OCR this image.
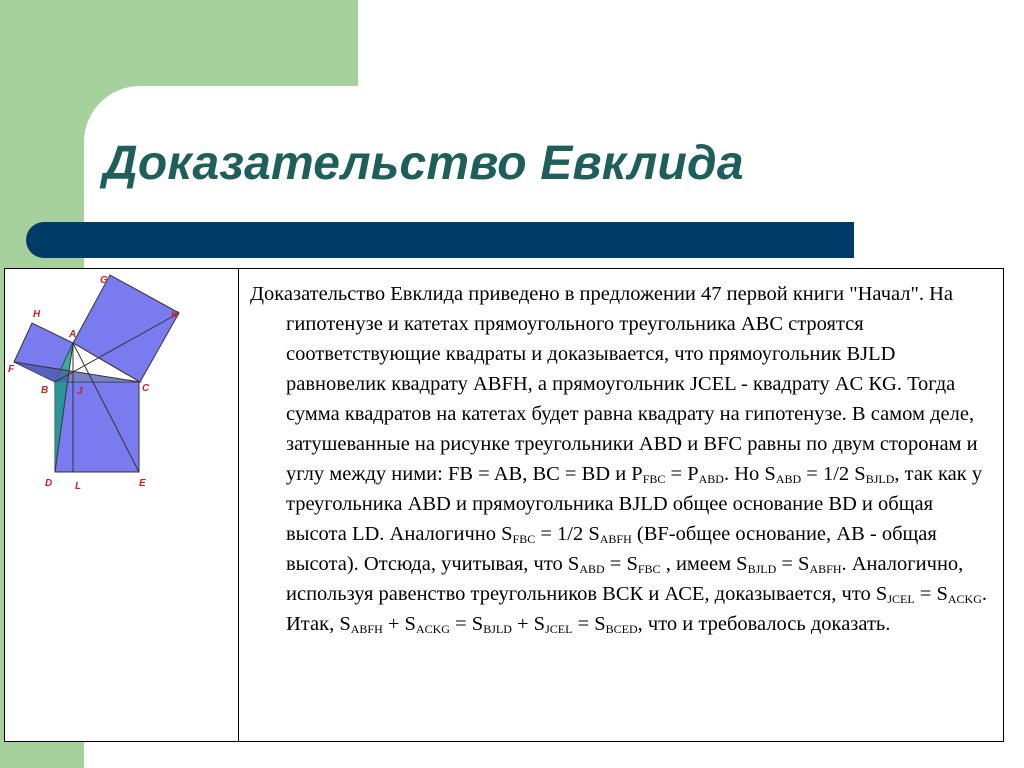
Доказательство Евклида
G
K
H
A
F
B	J	C
D L	E

Доказательство Евклида приведено в предложении 47 первой книги "Начал". На гипотенузе и катетах прямоугольного треугольника ABC строятся соответствующие квадраты и доказывается, что прямоугольник BJLD равновелик квадрату ABFH, а прямоугольник JCEL - квадрату AC КG. Тогда сумма квадратов на катетах будет равна квадрату на гипотенузе. В самом деле, затушеванные на рисунке треугольники ABD и BFC равны по двум сторонам и углу между ними: FB = AB, BC = BD и $P_{FBC} = P_{ABD}$. Но $S_{ABD} = 1/2$ $S_{BJLD}$, так как у треугольника ABD и прямоугольника BJLD общее основание BD и общая высота LD. Аналогично $S_{FBC} = 1/2$ $S_{ABFH}$ (BF-общее основание, AB - общая высота). Отсюда, учитывая, что $S_{ABD} = S_{FBC}$ , имеем $S_{BJLD} = S_{ABFH}$. Аналогично, используя равенство треугольников ВСК и АСЕ, доказывается, что $S_{JCEL} = S_{ACKG}$. Итак, $S_{ABFH} + S_{ACKG} = S_{BJLD} + S_{JCEL} = S_{BCED}$, что и требовалось доказать.
